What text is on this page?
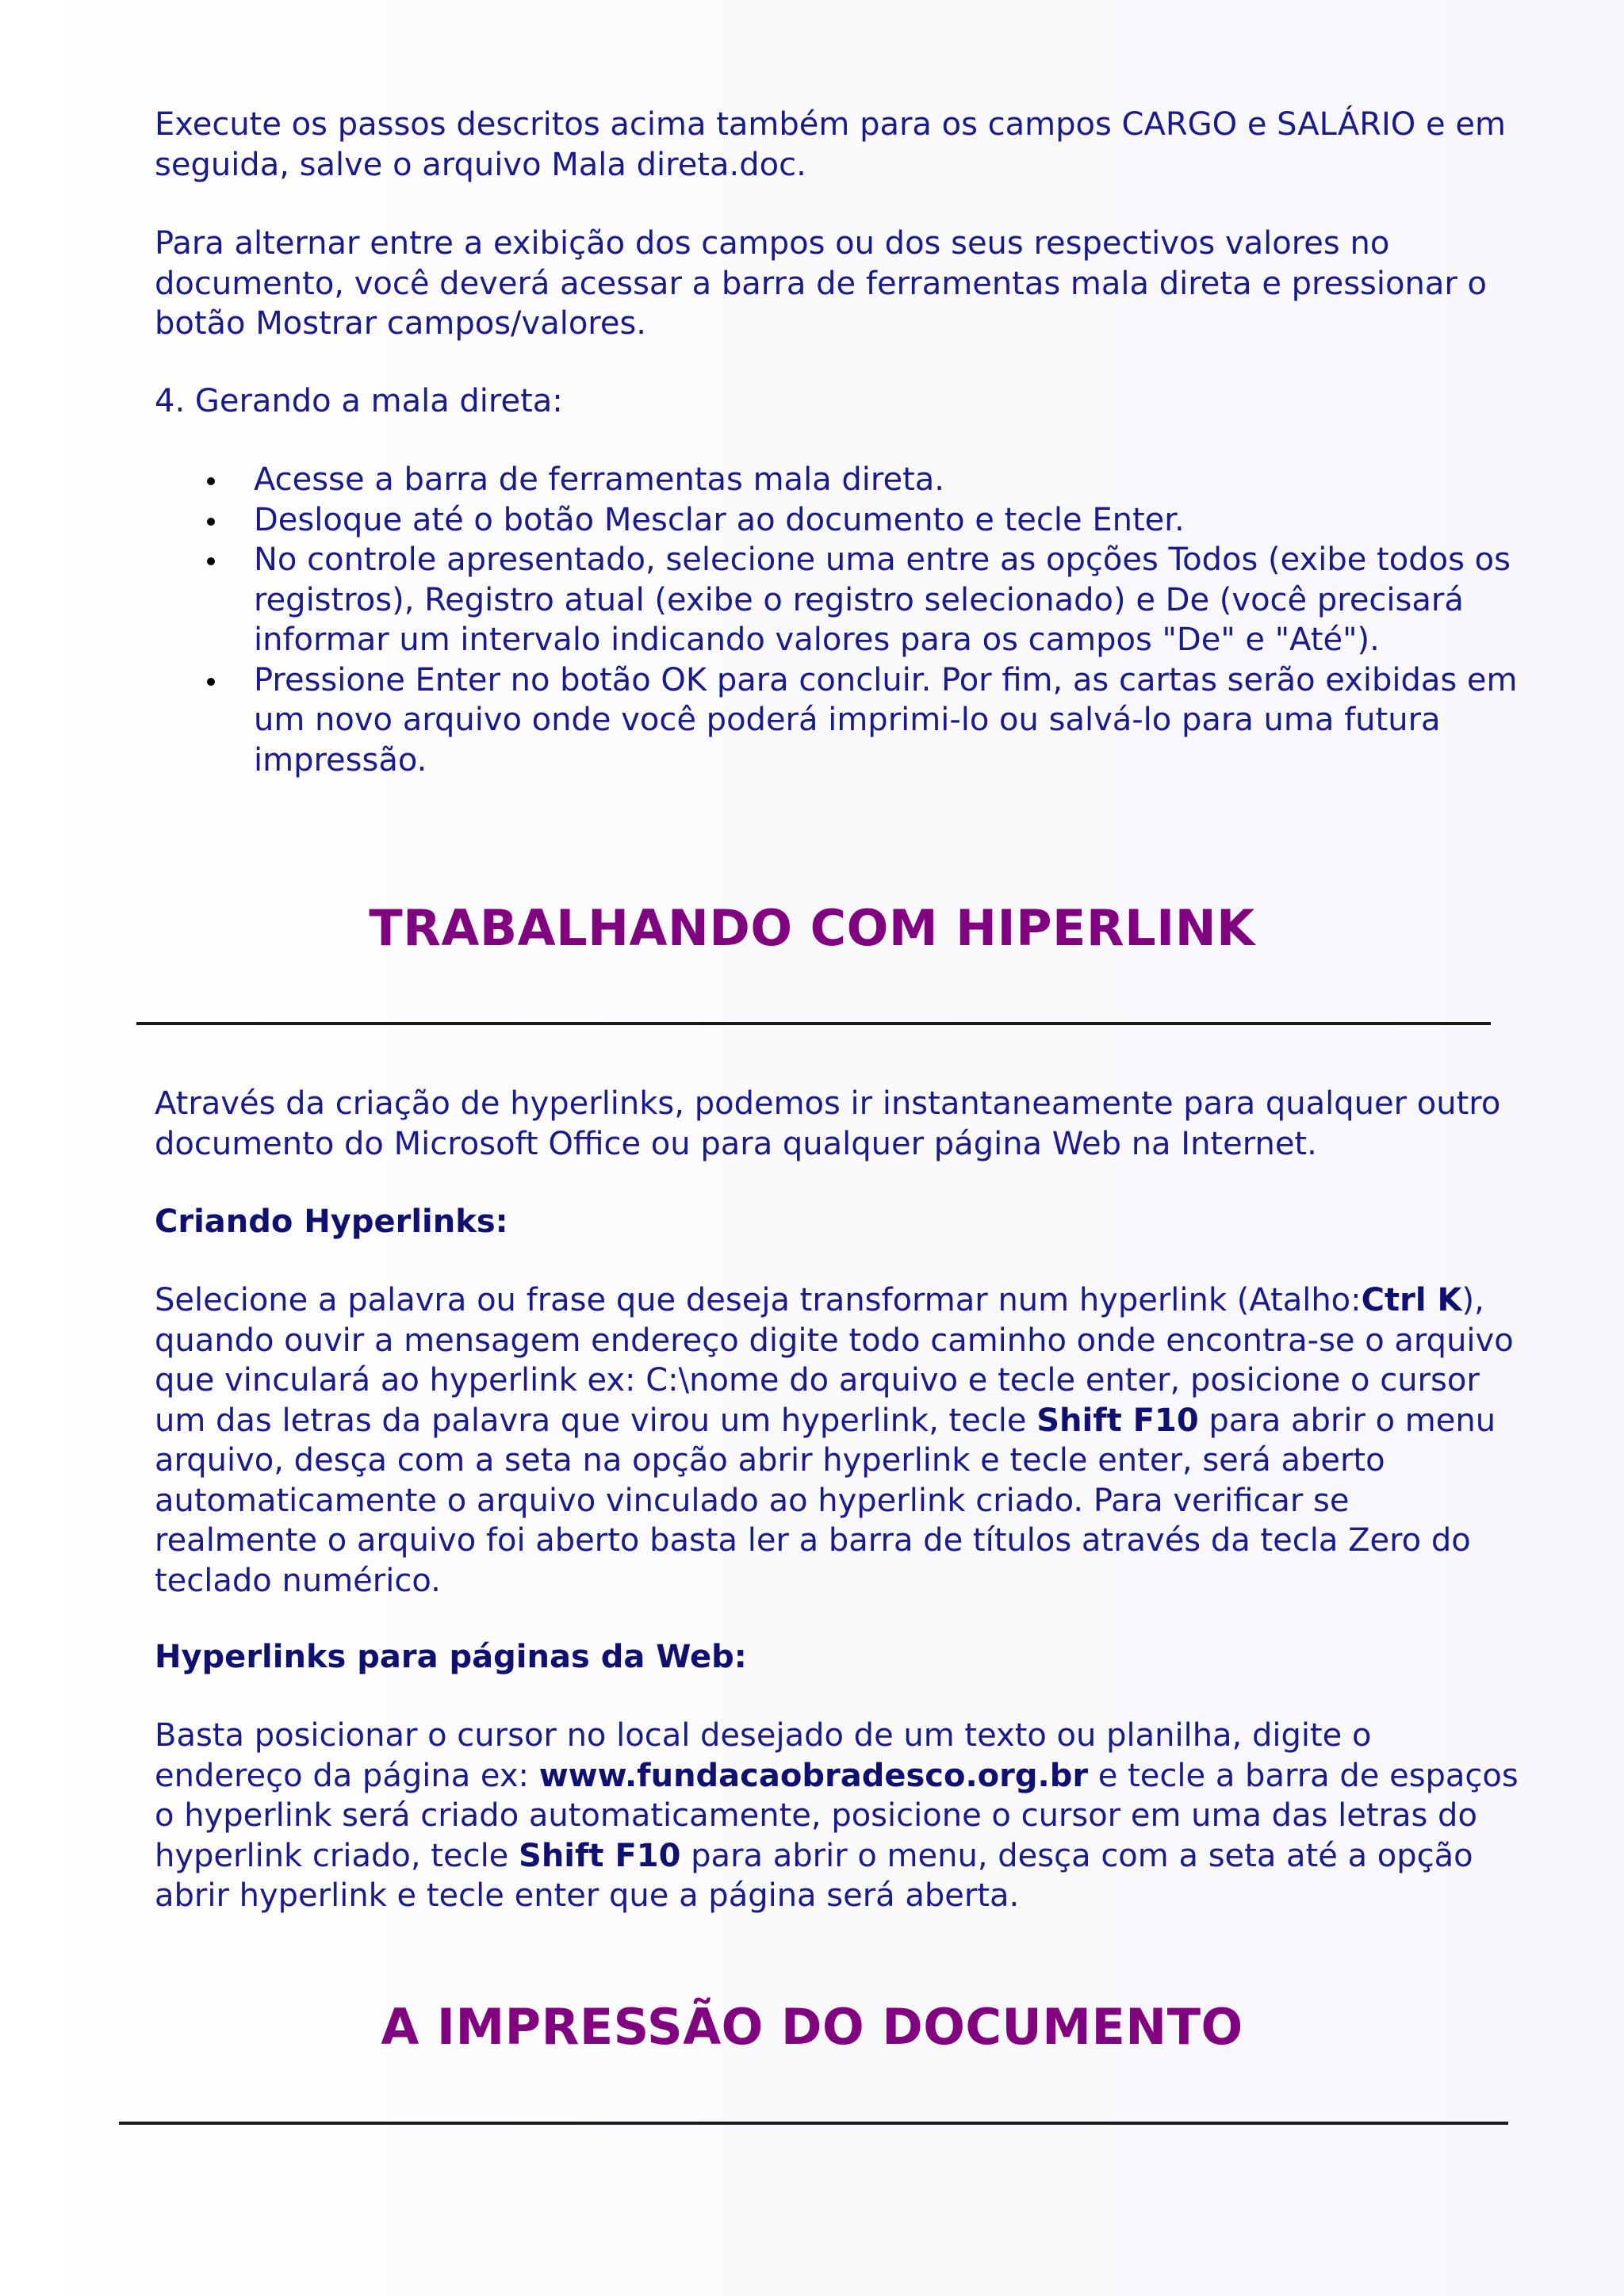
Execute os passos descritos acima também para os campos CARGO e SALÁRIO e em seguida, salve o arquivo Mala direta.doc.

Para alternar entre a exibição dos campos ou dos seus respectivos valores no documento, você deverá acessar a barra de ferramentas mala direta e pressionar o botão Mostrar campos/valores.

4. Gerando a mala direta:

Acesse a barra de ferramentas mala direta.
Desloque até o botão Mesclar ao documento e tecle Enter.
No controle apresentado, selecione uma entre as opções Todos (exibe todos os registros), Registro atual (exibe o registro selecionado) e De (você precisará informar um intervalo indicando valores para os campos "De" e "Até").
Pressione Enter no botão OK para concluir. Por fim, as cartas serão exibidas em um novo arquivo onde você poderá imprimi-lo ou salvá-lo para uma futura impressão.
TRABALHANDO COM HIPERLINK

Através da criação de hyperlinks, podemos ir instantaneamente para qualquer outro documento do Microsoft Office ou para qualquer página Web na Internet.

Criando Hyperlinks:

Selecione a palavra ou frase que deseja transformar num hyperlink (Atalho:Ctrl K), quando ouvir a mensagem endereço digite todo caminho onde encontra-se o arquivo que vinculará ao hyperlink ex: C:\nome do arquivo e tecle enter, posicione o cursor um das letras da palavra que virou um hyperlink, tecle Shift F10 para abrir o menu arquivo, desça com a seta na opção abrir hyperlink e tecle enter, será aberto automaticamente o arquivo vinculado ao hyperlink criado. Para verificar se realmente o arquivo foi aberto basta ler a barra de títulos através da tecla Zero do teclado numérico.

Hyperlinks para páginas da Web:

Basta posicionar o cursor no local desejado de um texto ou planilha, digite o endereço da página ex: www.fundacaobradesco.org.br e tecle a barra de espaços o hyperlink será criado automaticamente, posicione o cursor em uma das letras do hyperlink criado, tecle Shift F10 para abrir o menu, desça com a seta até a opção abrir hyperlink e tecle enter que a página será aberta.

A IMPRESSÃO DO DOCUMENTO
